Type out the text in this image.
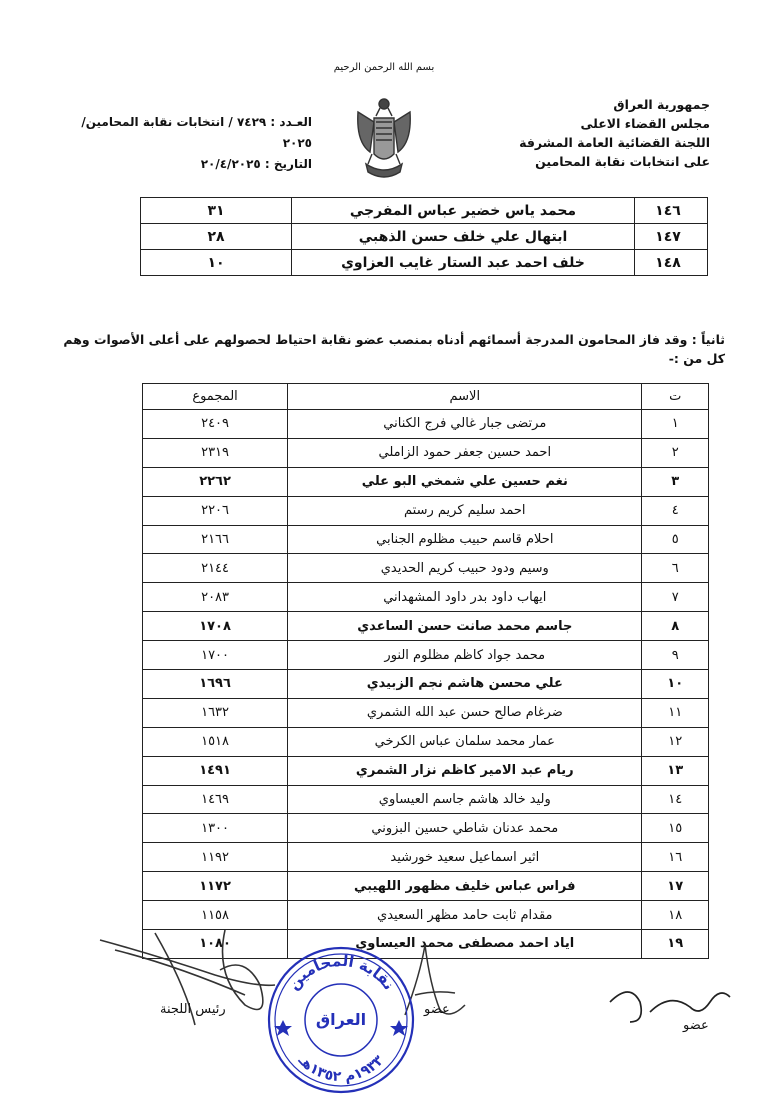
بسم الله الرحمن الرحيم
جمهورية العراق
مجلس القضاء الاعلى
اللجنة القضائية العامة المشرفة
على انتخابات نقابة المحامين
العـدد : ٧٤٢٩ / انتخابات نقابة المحامين/ ٢٠٢٥
التاريخ : ٢٠/٤/٢٠٢٥
١٤٦	محمد ياس خضير عباس المفرجي	٣١
١٤٧	ابتهال علي خلف حسن الذهبي	٢٨
١٤٨	خلف احمد عبد الستار غايب العزاوي	١٠
ثانياً : وقد فاز المحامون المدرجة أسمائهم أدناه بمنصب عضو نقابة احتياط لحصولهم على أعلى الأصوات وهم كل من :-
ت	الاسم	المجموع
١	مرتضى جبار غالي فرج الكناني	٢٤٠٩
٢	احمد حسين جعفر حمود الزاملي	٢٣١٩
٣	نغم حسين علي شمخي البو علي	٢٢٦٢
٤	احمد سليم كريم رستم	٢٢٠٦
٥	احلام قاسم حبيب مظلوم الجنابي	٢١٦٦
٦	وسيم ودود حبيب كريم الحديدي	٢١٤٤
٧	ايهاب داود بدر داود المشهداني	٢٠٨٣
٨	جاسم محمد صانت حسن الساعدي	١٧٠٨
٩	محمد جواد كاظم مظلوم النور	١٧٠٠
١٠	علي محسن هاشم نجم الزبيدي	١٦٩٦
١١	ضرغام صالح حسن عبد الله الشمري	١٦٣٢
١٢	عمار محمد سلمان عباس الكرخي	١٥١٨
١٣	ريام عبد الامير كاظم نزار الشمري	١٤٩١
١٤	وليد خالد هاشم جاسم العيساوي	١٤٦٩
١٥	محمد عدنان شاطي حسين البزوني	١٣٠٠
١٦	اثير اسماعيل سعيد خورشيد	١١٩٢
١٧	فراس عباس خليف مظهور اللهيبي	١١٧٢
١٨	مقدام ثابت حامد مظهر السعيدي	١١٥٨
١٩	اياد احمد مصطفى محمد العيساوي	١٠٨٠
نقابة المحامين
١٩٣٣م ١٣٥٢هـ
العراق
رئيس اللجنة	عضو
عضو
